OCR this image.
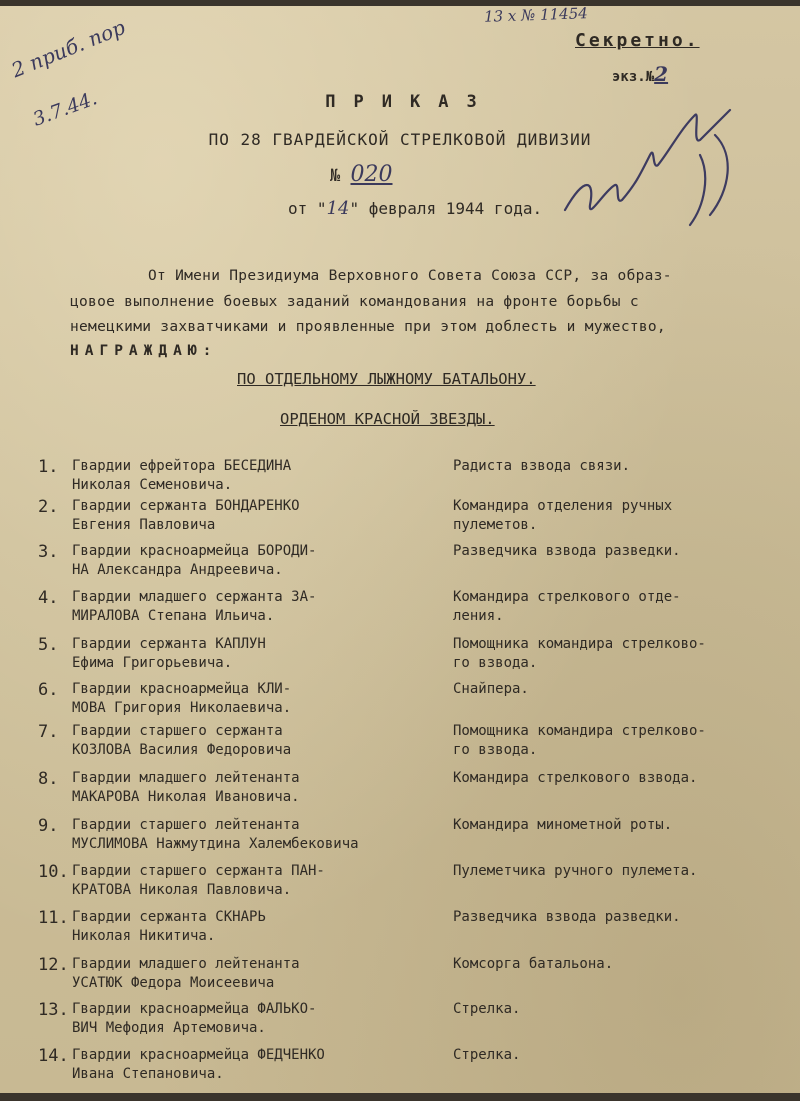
13 х № 11454
Секретно.
экз.№2
2 приб. пор
3.7.44.	ПРИКАЗ
ПО 28 ГВАРДЕЙСКОЙ СТРЕЛКОВОЙ ДИВИЗИИ
№ 020
от "14" февраля 1944 года.
От Имени Президиума Верховного Совета Союза ССР, за образ-
цовое выполнение боевых заданий командования на фронте борьбы с
немецкими захватчиками и проявленные при этом доблесть и мужество,
НАГРАЖДАЮ:
ПО ОТДЕЛЬНОМУ ЛЫЖНОМУ БАТАЛЬОНУ.
ОРДЕНОМ КРАСНОЙ ЗВЕЗДЫ.
1. Гвардии ефрейтора БЕСЕДИНА
Николая Семеновича.
Радиста взвода связи.
2. Гвардии сержанта БОНДАРЕНКО
Евгения Павловича
Командира отделения ручных
пулеметов.
3. Гвардии красноармейца БОРОДИ-
НА Александра Андреевича.
Разведчика взвода разведки.
4. Гвардии младшего сержанта ЗА-
МИРАЛОВА Степана Ильича.
Командира стрелкового отде-
ления.
5. Гвардии сержанта КАПЛУН
Ефима Григорьевича.
Помощника командира стрелково-
го взвода.
6. Гвардии красноармейца КЛИ-
МОВА Григория Николаевича.
Снайпера.
7. Гвардии старшего сержанта
КОЗЛОВА Василия Федоровича
Помощника командира стрелково-
го взвода.
8. Гвардии младшего лейтенанта
МАКАРОВА Николая Ивановича.
Командира стрелкового взвода.
9. Гвардии старшего лейтенанта
МУСЛИМОВА Нажмутдина Халембековича
Командира минометной роты.
10. Гвардии старшего сержанта ПАН-
КРАТОВА Николая Павловича.
Пулеметчика ручного пулемета.
11. Гвардии сержанта СКНАРЬ
Николая Никитича.
Разведчика взвода разведки.
12. Гвардии младшего лейтенанта
УСАТЮК Федора Моисеевича
Комсорга батальона.
13. Гвардии красноармейца ФАЛЬКО-
ВИЧ Мефодия Артемовича.
Стрелка.
14. Гвардии красноармейца ФЕДЧЕНКО
Ивана Степановича.
Стрелка.
